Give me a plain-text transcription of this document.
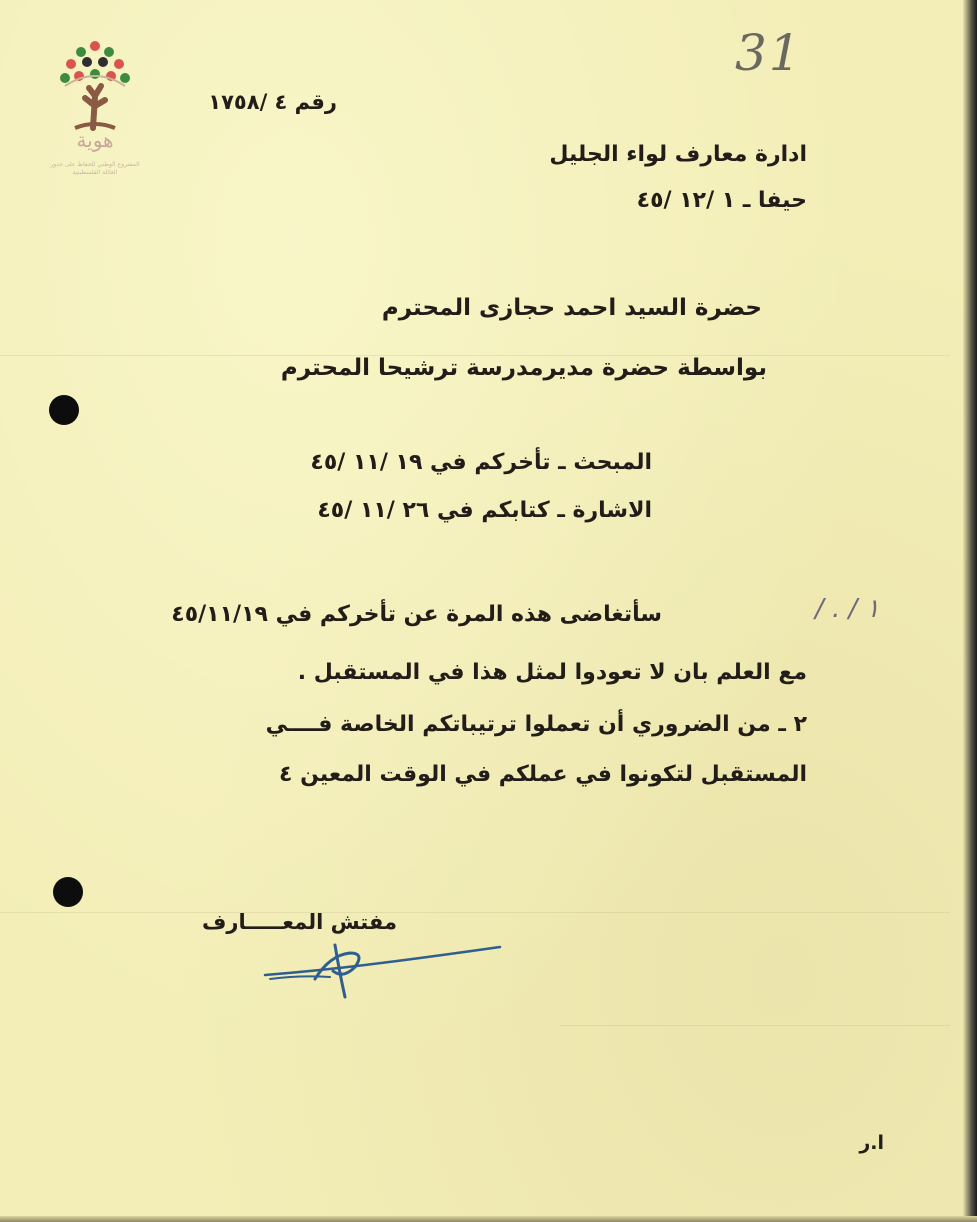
31
هوية
المشروع الوطني للحفاظ على جذور العائلة الفلسطينية
رقم ٤ /١٧٥٨
ادارة معارف لواء الجليل
حيفا ـ ١ /١٢ /٤٥
حضرة السيد احمد حجازى المحترم
بواسطة حضرة مديرمدرسة ترشيحا المحترم
المبحث ـ تأخركم في ١٩ /١١ /٤٥
الاشارة ـ كتابكم في ٢٦ /١١ /٤٥
سأتغاضى هذه المرة عن تأخركم في ٤٥/١١/١٩
مع العلم بان لا تعودوا لمثل هذا في المستقبل .
٢ ـ من الضروري أن تعملوا ترتيباتكم الخاصة فــــي
المستقبل لتكونوا في عملكم في الوقت المعين ٤
/ . / ١
مفتش المعـــــارف
ا.ر
